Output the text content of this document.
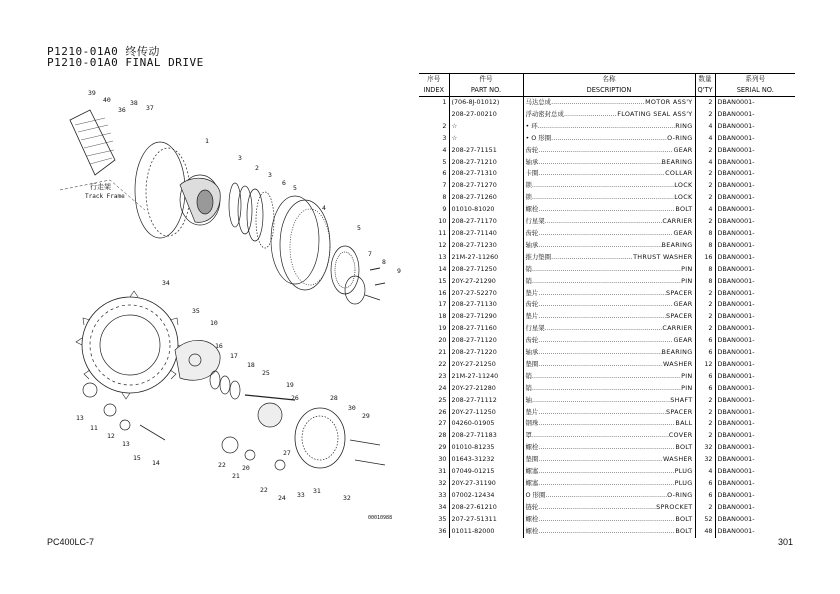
P1210-01A0 终传动
P1210-01A0 FINAL DRIVE
39
40
36
38
37
1
3
2
3
6
5
4
5
7
8
9
34
35
10
16
17
18
25
19
28
30
29
26
27
22
21
20
22
24 33 31
32
13
11
12
13
15
14
行走架
Track Frame
00010988
序号	件号	名称	数量	系列号
INDEX	PART NO.	DESCRIPTION	Q'TY	SERIAL NO.
1	(706-8J-01012)	马达总成 ..... MOTOR ASS'Y	2	DBAN0001-
	208-27-00210	浮动密封总成 ..... FLOATING SEAL ASS'Y	2	DBAN0001-
2	☆	• 环 ..... RING	4	DBAN0001-
3	☆	• O 形圈 ..... O-RING	4	DBAN0001-
4	208-27-71151	齿轮 ..... GEAR	2	DBAN0001-
5	208-27-71210	轴承 ..... BEARING	4	DBAN0001-
6	208-27-71310	卡圈 ..... COLLAR	2	DBAN0001-
7	208-27-71270	锁 ..... LOCK	2	DBAN0001-
8	208-27-71260	锁 ..... LOCK	2	DBAN0001-
9	01010-81020	螺栓 ..... BOLT	4	DBAN0001-
10	208-27-71170	行星架 ..... CARRIER	2	DBAN0001-
11	208-27-71140	齿轮 ..... GEAR	8	DBAN0001-
12	208-27-71230	轴承 ..... BEARING	8	DBAN0001-
13	21M-27-11260	推力垫圈 ..... THRUST WASHER	16	DBAN0001-
14	208-27-71250	销 ..... PIN	8	DBAN0001-
15	20Y-27-21290	销 ..... PIN	8	DBAN0001-
16	207-27-52270	垫片 ..... SPACER	2	DBAN0001-
17	208-27-71130	齿轮 ..... GEAR	2	DBAN0001-
18	208-27-71290	垫片 ..... SPACER	2	DBAN0001-
19	208-27-71160	行星架 ..... CARRIER	2	DBAN0001-
20	208-27-71120	齿轮 ..... GEAR	6	DBAN0001-
21	208-27-71220	轴承 ..... BEARING	6	DBAN0001-
22	20Y-27-21250	垫圈 ..... WASHER	12	DBAN0001-
23	21M-27-11240	销 ..... PIN	6	DBAN0001-
24	20Y-27-21280	销 ..... PIN	6	DBAN0001-
25	208-27-71112	轴 ..... SHAFT	2	DBAN0001-
26	20Y-27-11250	垫片 ..... SPACER	2	DBAN0001-
27	04260-01905	钢珠 ..... BALL	2	DBAN0001-
28	208-27-71183	罩 ..... COVER	2	DBAN0001-
29	01010-81235	螺栓 ..... BOLT	32	DBAN0001-
30	01643-31232	垫圈 ..... WASHER	32	DBAN0001-
31	07049-01215	螺塞 ..... PLUG	4	DBAN0001-
32	20Y-27-31190	螺塞 ..... PLUG	6	DBAN0001-
33	07002-12434	O 形圈 ..... O-RING	6	DBAN0001-
34	208-27-61210	链轮 ..... SPROCKET	2	DBAN0001-
35	207-27-51311	螺栓 ..... BOLT	52	DBAN0001-
36	01011-82000	螺栓 ..... BOLT	48	DBAN0001-
PC400LC-7	301
